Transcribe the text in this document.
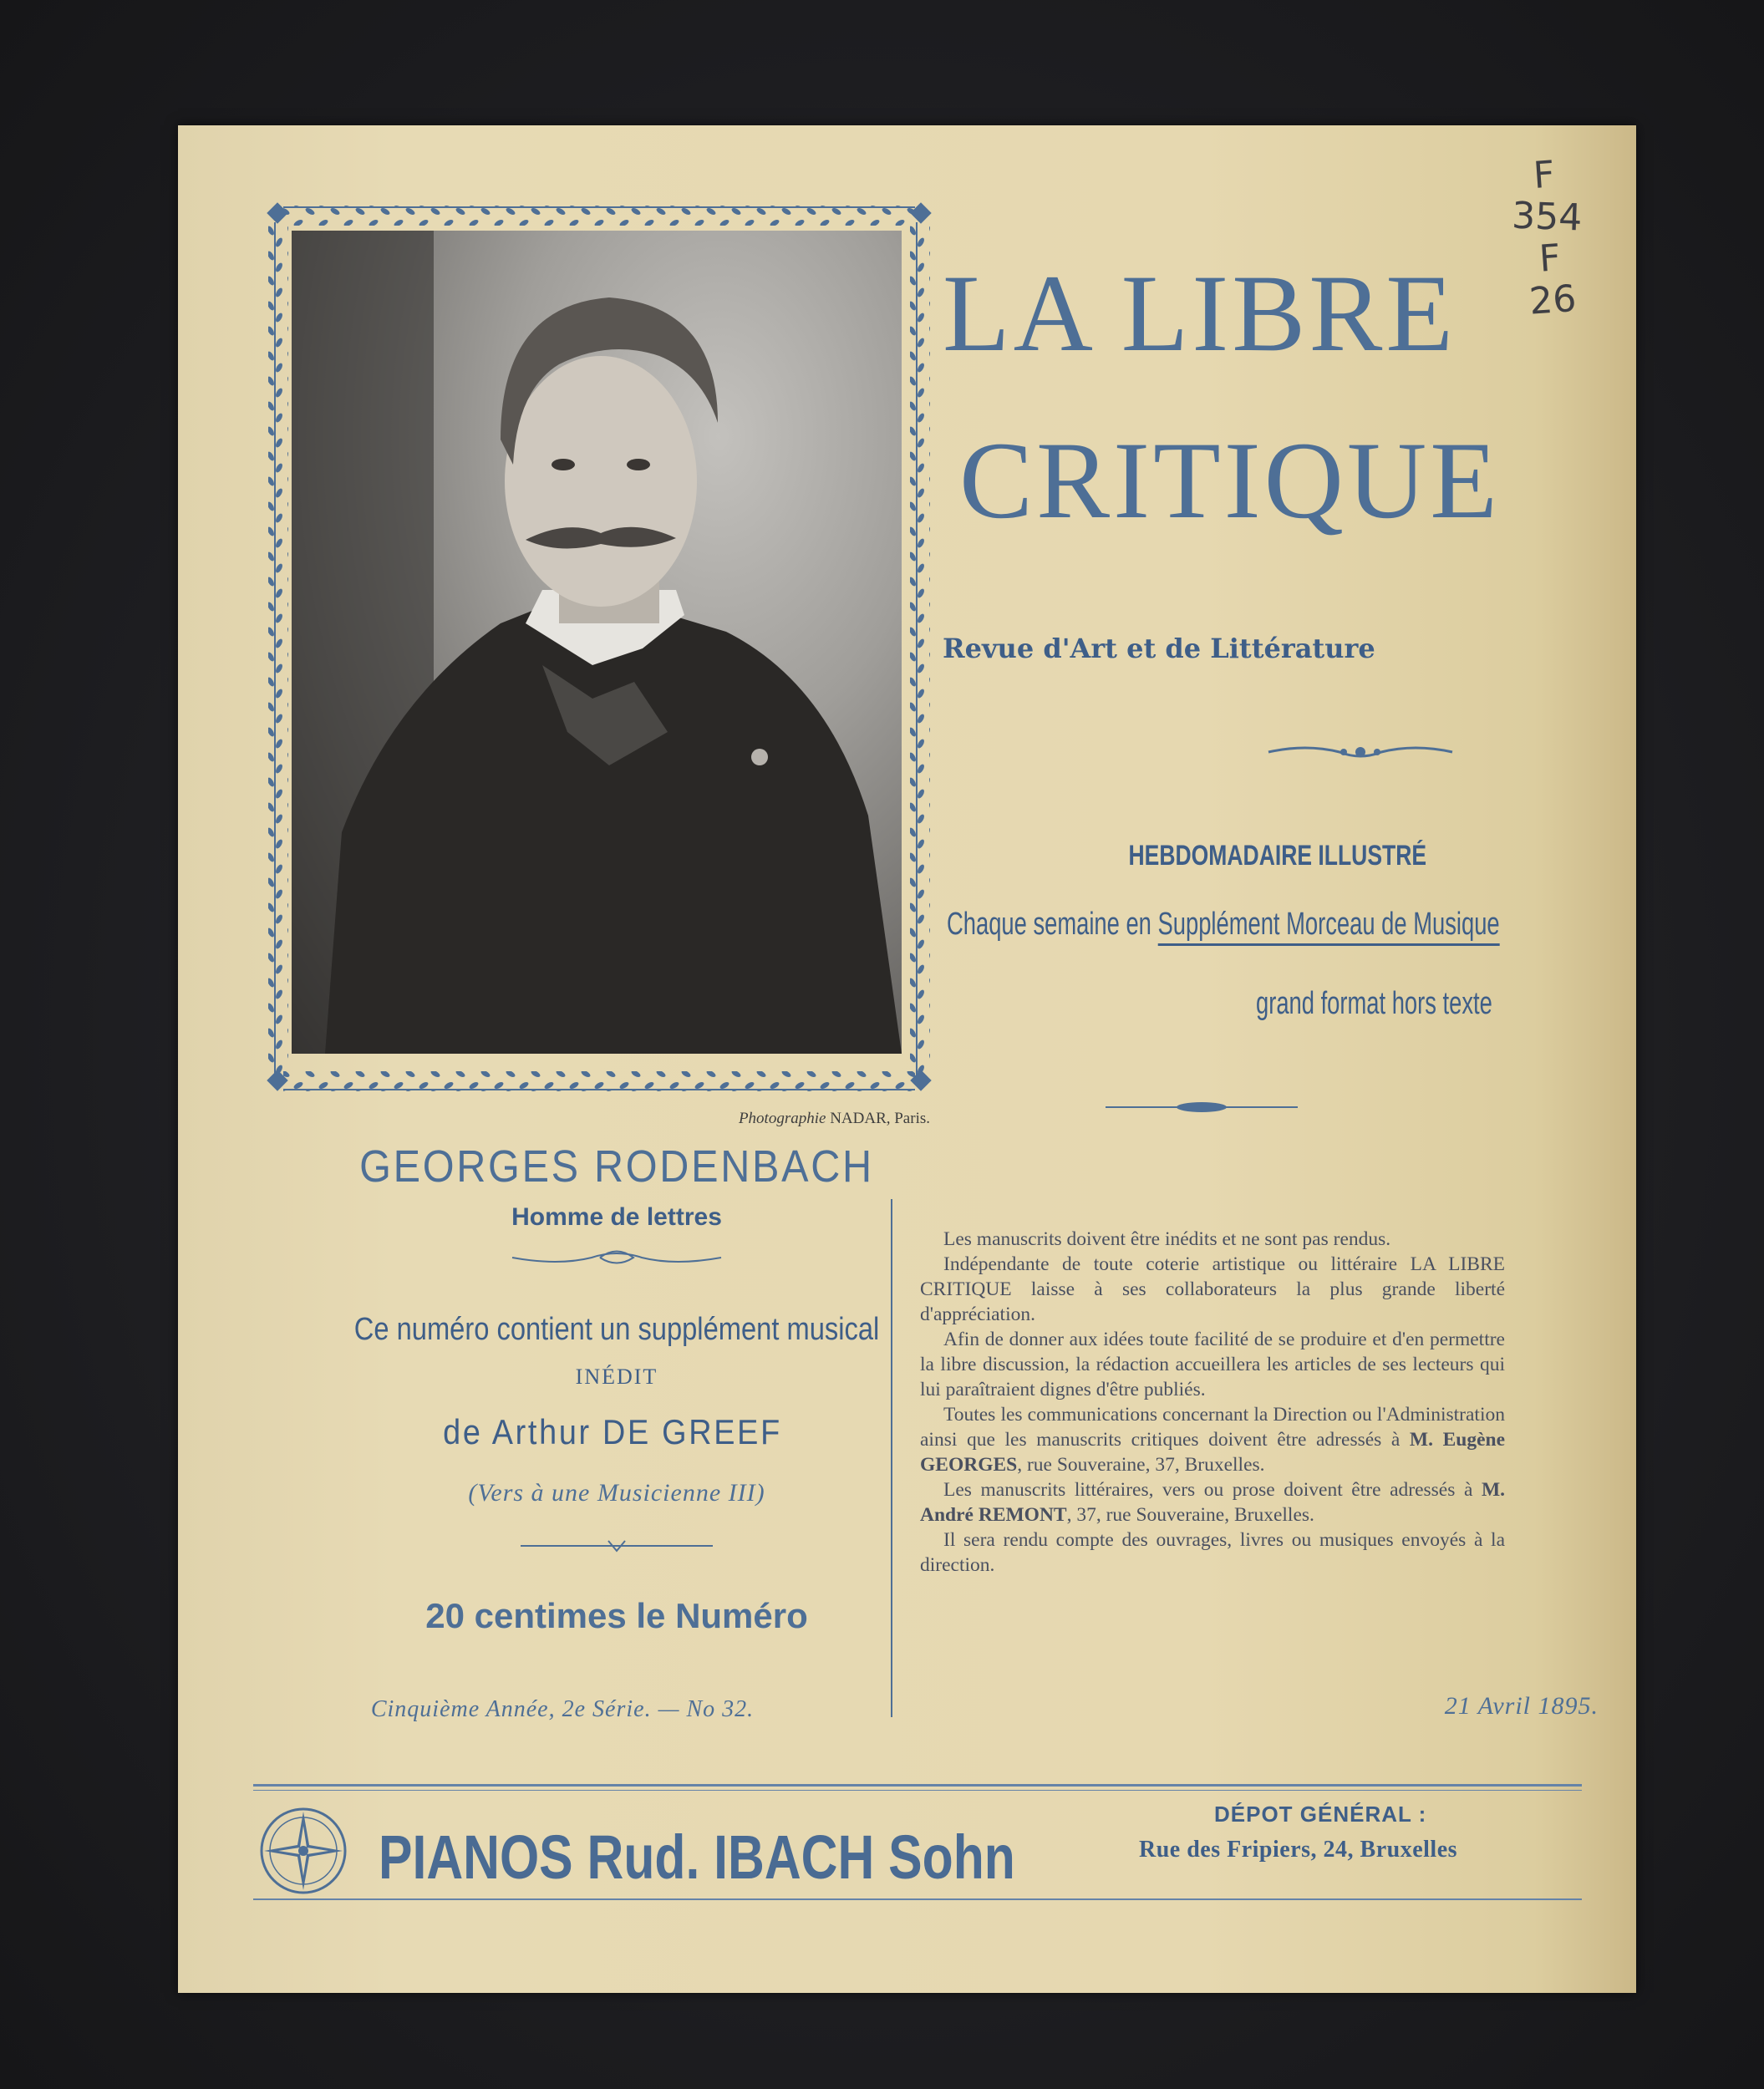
F
354
F
26
Photographie NADAR, Paris.
LA LIBRE
CRITIQUE
Revue d'Art et de Littérature
HEBDOMADAIRE ILLUSTRÉ
Chaque semaine en Supplément Morceau de Musique
grand format hors texte
GEORGES RODENBACH
Homme de lettres
Ce numéro contient un supplément musical
INÉDIT
de Arthur DE GREEF
(Vers à une Musicienne III)
20 centimes le Numéro
Cinquième Année, 2e Série. — No 32.

Les manuscrits doivent être inédits et ne sont pas rendus.

Indépendante de toute coterie artistique ou littéraire LA LIBRE CRITIQUE laisse à ses collaborateurs la plus grande liberté d'appréciation.

Afin de donner aux idées toute facilité de se produire et d'en permettre la libre discussion, la rédaction accueillera les articles de ses lecteurs qui lui paraîtraient dignes d'être publiés.

Toutes les communications concernant la Direction ou l'Administration ainsi que les manuscrits critiques doivent être adressés à M. Eugène GEORGES, rue Souveraine, 37, Bruxelles.

Les manuscrits littéraires, vers ou prose doivent être adressés à M. André REMONT, 37, rue Souveraine, Bruxelles.

Il sera rendu compte des ouvrages, livres ou musiques envoyés à la direction.

21 Avril 1895.
PIANOS Rud. IBACH Sohn
DÉPOT GÉNÉRAL :
Rue des Fripiers, 24, Bruxelles
